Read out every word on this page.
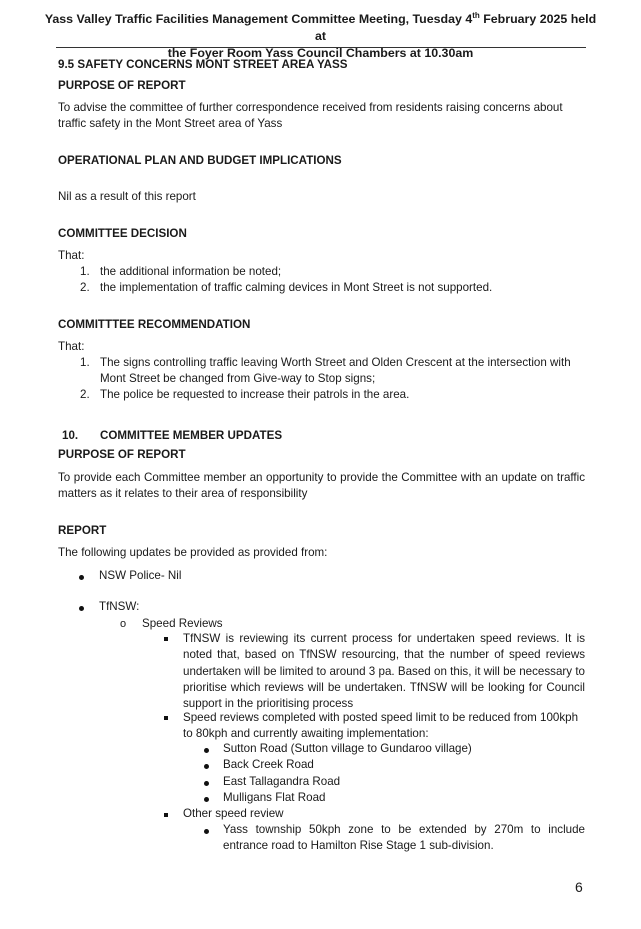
Yass Valley Traffic Facilities Management Committee Meeting, Tuesday 4th February 2025 held at
the Foyer Room Yass Council Chambers at 10.30am
9.5 SAFETY CONCERNS MONT STREET AREA YASS
PURPOSE OF REPORT
To advise the committee of further correspondence received from residents raising concerns about traffic safety in the Mont Street area of Yass
OPERATIONAL PLAN AND BUDGET IMPLICATIONS
Nil as a result of this report
COMMITTEE DECISION
That:
1. the additional information be noted;
2. the implementation of traffic calming devices in Mont Street is not supported.
COMMITTTEE RECOMMENDATION
That:
1. The signs controlling traffic leaving Worth Street and Olden Crescent at the intersection with Mont Street be changed from Give-way to Stop signs;
2. The police be requested to increase their patrols in the area.
10. COMMITTEE MEMBER UPDATES
PURPOSE OF REPORT
To provide each Committee member an opportunity to provide the Committee with an update on traffic matters as it relates to their area of responsibility
REPORT
The following updates be provided as provided from:
NSW Police- Nil
TfNSW:
o Speed Reviews
TfNSW is reviewing its current process for undertaken speed reviews. It is noted that, based on TfNSW resourcing, that the number of speed reviews undertaken will be limited to around 3 pa. Based on this, it will be necessary to prioritise which reviews will be undertaken. TfNSW will be looking for Council support in the prioritising process
Speed reviews completed with posted speed limit to be reduced from 100kph to 80kph and currently awaiting implementation:
Sutton Road (Sutton village to Gundaroo village)
Back Creek Road
East Tallagandra Road
Mulligans Flat Road
Other speed review
Yass township 50kph zone to be extended by 270m to include entrance road to Hamilton Rise Stage 1 sub-division.
6
